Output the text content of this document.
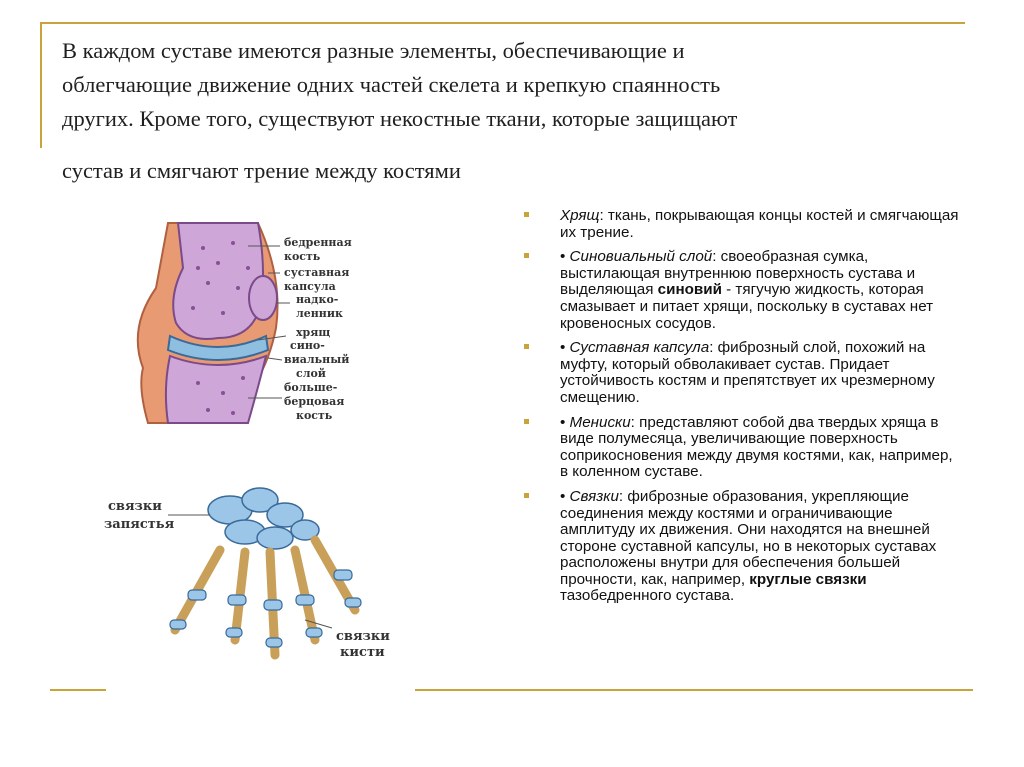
В каждом суставе имеются разные элементы, обеспечивающие и
облегчающие движение одних частей скелета и крепкую спаянность
других. Кроме того, существуют некостные ткани, которые защищают
сустав и смягчают трение между костями
бедренная
кость
суставная
капсула
надко-
ленник
хрящ
сино-
виальный
слой
больше-
берцовая
кость
связки
запястья
связки
кисти
Хрящ: ткань, покрывающая концы костей и смягчающая их трение.
• Синовиальный слой: своеобразная сумка, выстилающая внутреннюю поверхность сустава и выделяющая синовий - тягучую жидкость, которая смазывает и питает хрящи, поскольку в суставах нет кровеносных сосудов.
• Суставная капсула: фиброзный слой, похожий на муфту, который обволакивает сустав. Придает устойчивость костям и препятствует их чрезмерному смещению.
• Мениски: представляют собой два твердых хряща в виде полумесяца, увеличивающие поверхность соприкосновения между двумя костями, как, например, в коленном суставе.
• Связки: фиброзные образования, укрепляющие соединения между костями и ограничивающие амплитуду их движения. Они находятся на внешней стороне суставной капсулы, но в некоторых суставах расположены внутри для обеспечения большей прочности, как, например, круглые связки тазобедренного сустава.
